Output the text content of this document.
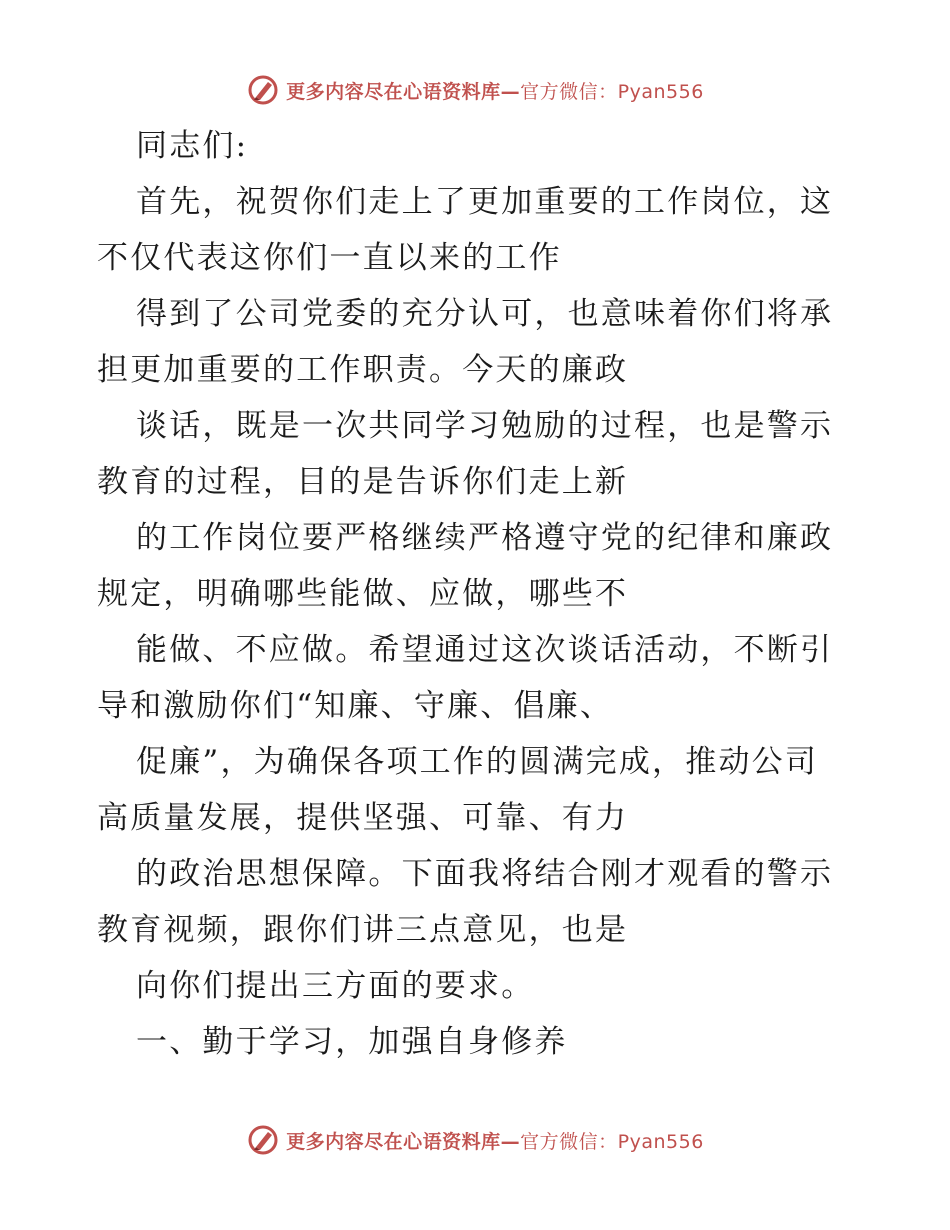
更多内容尽在心语资料库—官方微信：Pyan556

同志们:

首先，祝贺你们走上了更加重要的工作岗位，这

不仅代表这你们一直以来的工作

得到了公司党委的充分认可，也意味着你们将承

担更加重要的工作职责。今天的廉政

谈话，既是一次共同学习勉励的过程，也是警示

教育的过程，目的是告诉你们走上新

的工作岗位要严格继续严格遵守党的纪律和廉政

规定，明确哪些能做、应做，哪些不

能做、不应做。希望通过这次谈话活动，不断引

导和激励你们“知廉、守廉、倡廉、

促廉”，为确保各项工作的圆满完成，推动公司

高质量发展，提供坚强、可靠、有力

的政治思想保障。下面我将结合刚才观看的警示

教育视频，跟你们讲三点意见，也是

向你们提出三方面的要求。

一、勤于学习，加强自身修养

更多内容尽在心语资料库—官方微信：Pyan556
